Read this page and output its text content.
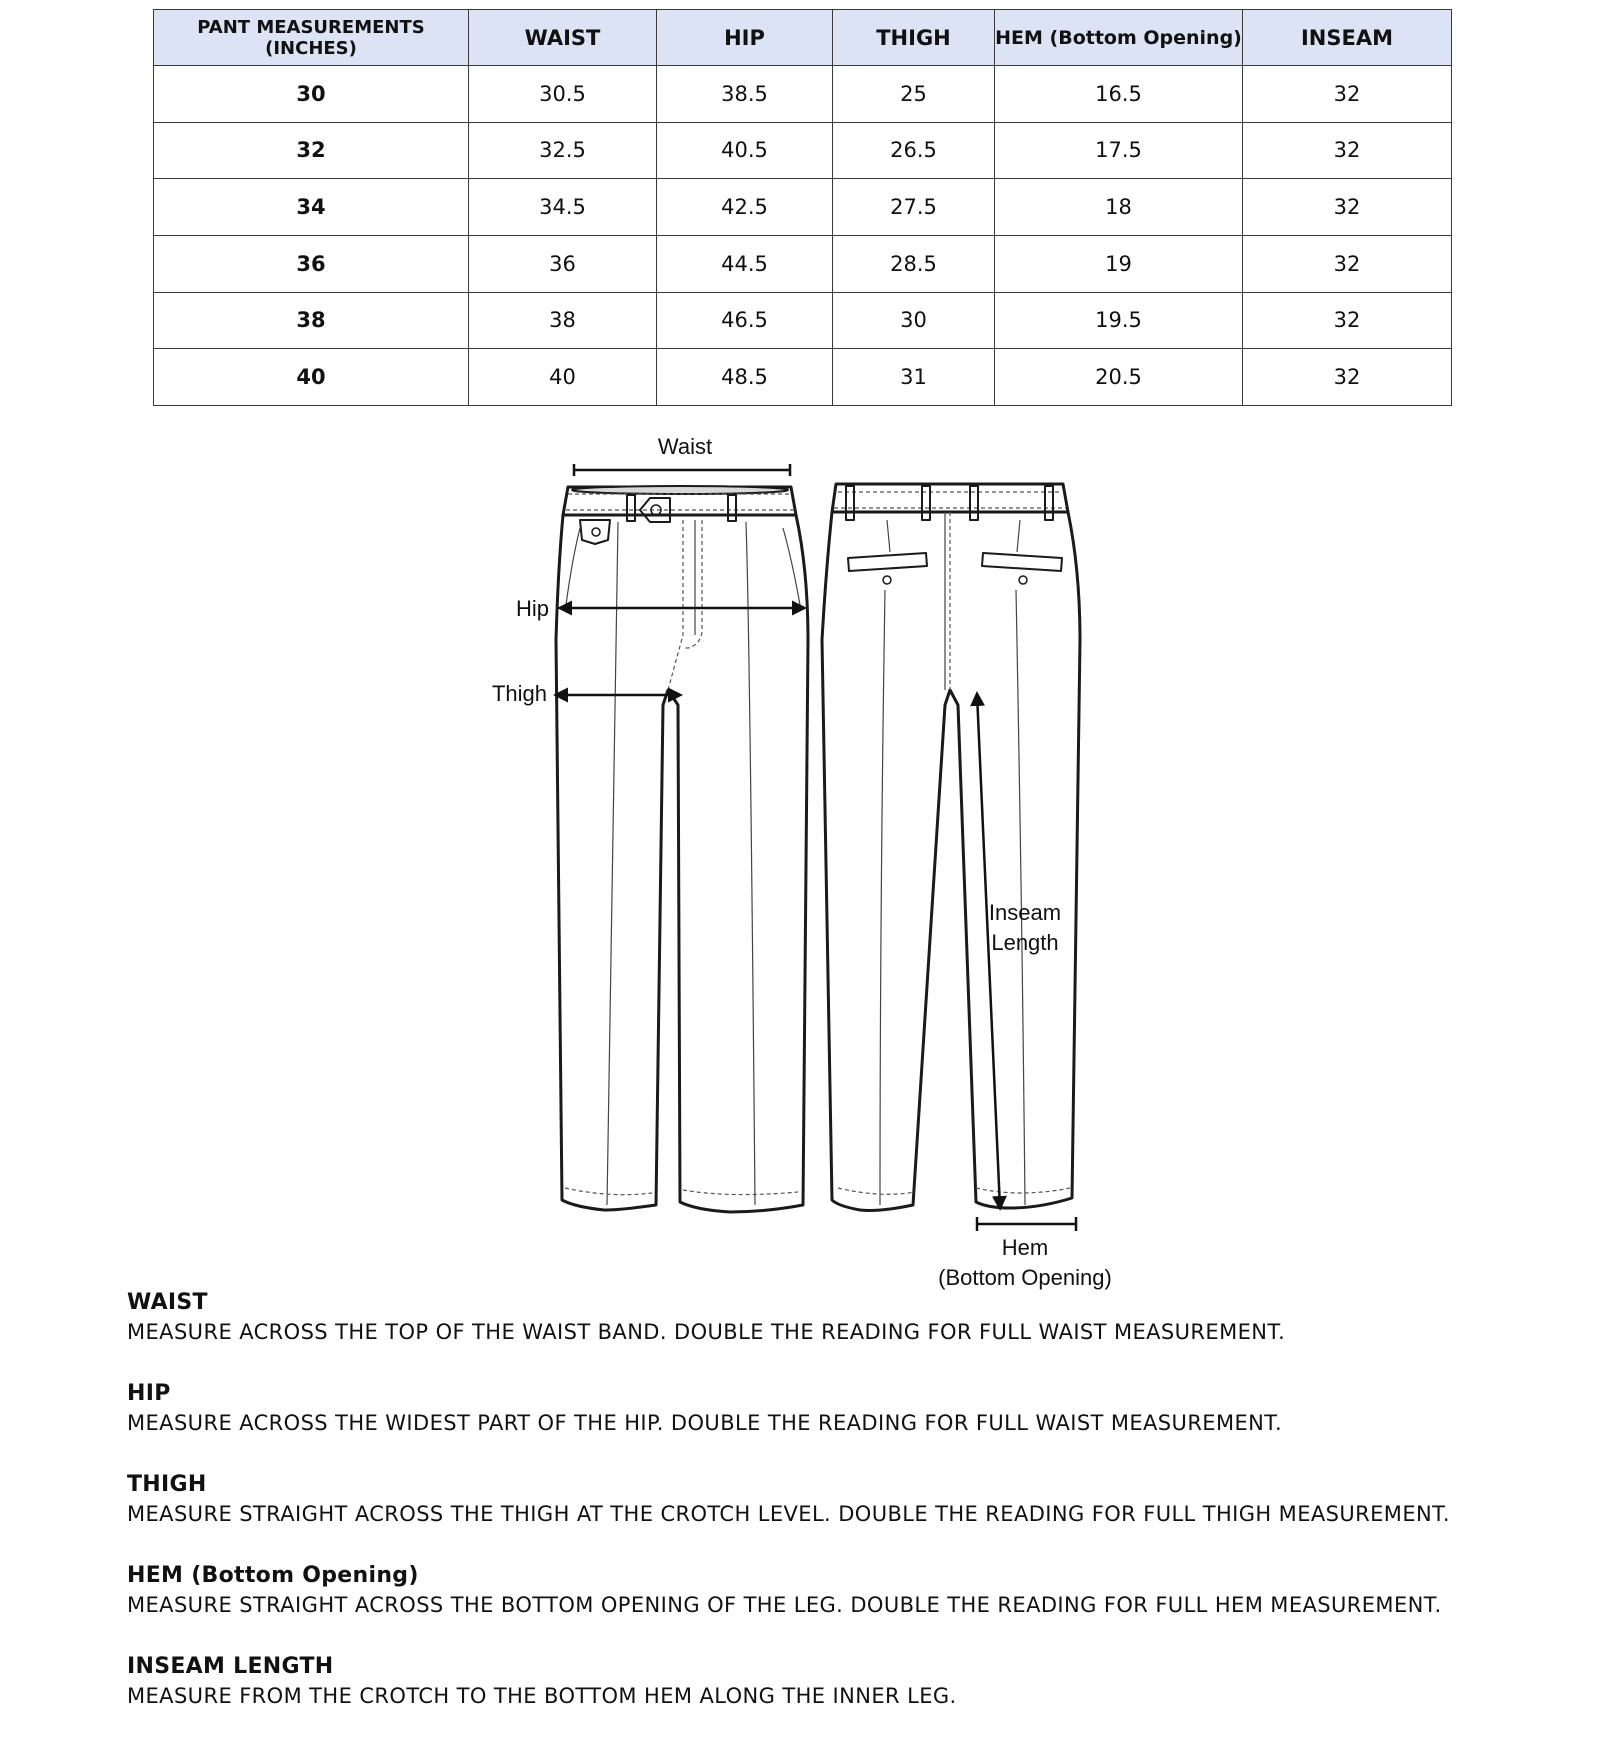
PANT MEASUREMENTS (INCHES)	WAIST	HIP	THIGH	HEM (Bottom Opening)	INSEAM
30	30.5	38.5	25	16.5	32
32	32.5	40.5	26.5	17.5	32
34	34.5	42.5	27.5	18	32
36	36	44.5	28.5	19	32
38	38	46.5	30	19.5	32
40	40	48.5	31	20.5	32
Waist
Hip
Thigh
Inseam
Length
Hem
(Bottom Opening)
WAIST
MEASURE ACROSS THE TOP OF THE WAIST BAND. DOUBLE THE READING FOR FULL WAIST MEASUREMENT.
HIP
MEASURE ACROSS THE WIDEST PART OF THE HIP. DOUBLE THE READING FOR FULL WAIST MEASUREMENT.
THIGH
MEASURE STRAIGHT ACROSS THE THIGH AT THE CROTCH LEVEL. DOUBLE THE READING FOR FULL THIGH MEASUREMENT.
HEM (Bottom Opening)
MEASURE STRAIGHT ACROSS THE BOTTOM OPENING OF THE LEG. DOUBLE THE READING FOR FULL HEM MEASUREMENT.
INSEAM LENGTH
MEASURE FROM THE CROTCH TO THE BOTTOM HEM ALONG THE INNER LEG.
